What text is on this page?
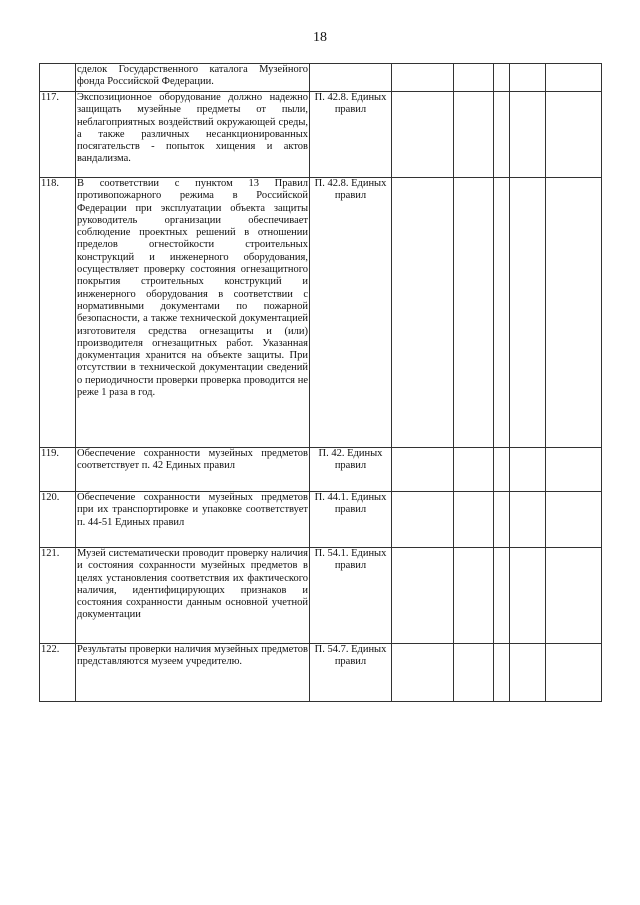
18
	сделок Государственного каталога Музейного фонда Российской Федерации.						
117.	Экспозиционное оборудование должно надежно защищать музейные предметы от пыли, неблагоприятных воздействий окружающей среды, а также различных несанкционированных посягательств - попыток хищения и актов вандализма.	П. 42.8. Единых правил					
118.	В соответствии с пунктом 13 Правил противопожарного режима в Российской Федерации при эксплуатации объекта защиты руководитель организации обеспечивает соблюдение проектных решений в отношении пределов огнестойкости строительных конструкций и инженерного оборудования, осуществляет проверку состояния огнезащитного покрытия строительных конструкций и инженерного оборудования в соответствии с нормативными документами по пожарной безопасности, а также технической документацией изготовителя средства огнезащиты и (или) производителя огнезащитных работ. Указанная документация хранится на объекте защиты. При отсутствии в технической документации сведений о периодичности проверки проверка проводится не реже 1 раза в год.	П. 42.8. Единых правил					
119.	Обеспечение сохранности музейных предметов соответствует п. 42 Единых правил	П. 42. Единых правил					
120.	Обеспечение сохранности музейных предметов при их транспортировке и упаковке соответствует п. 44-51 Единых правил	П. 44.1. Единых правил					
121.	Музей систематически проводит проверку наличия и состояния сохранности музейных предметов в целях установления соответствия их фактического наличия, идентифицирующих признаков и состояния сохранности данным основной учетной документации	П. 54.1. Единых правил					
122.	Результаты проверки наличия музейных предметов представляются музеем учредителю.	П. 54.7. Единых правил					
